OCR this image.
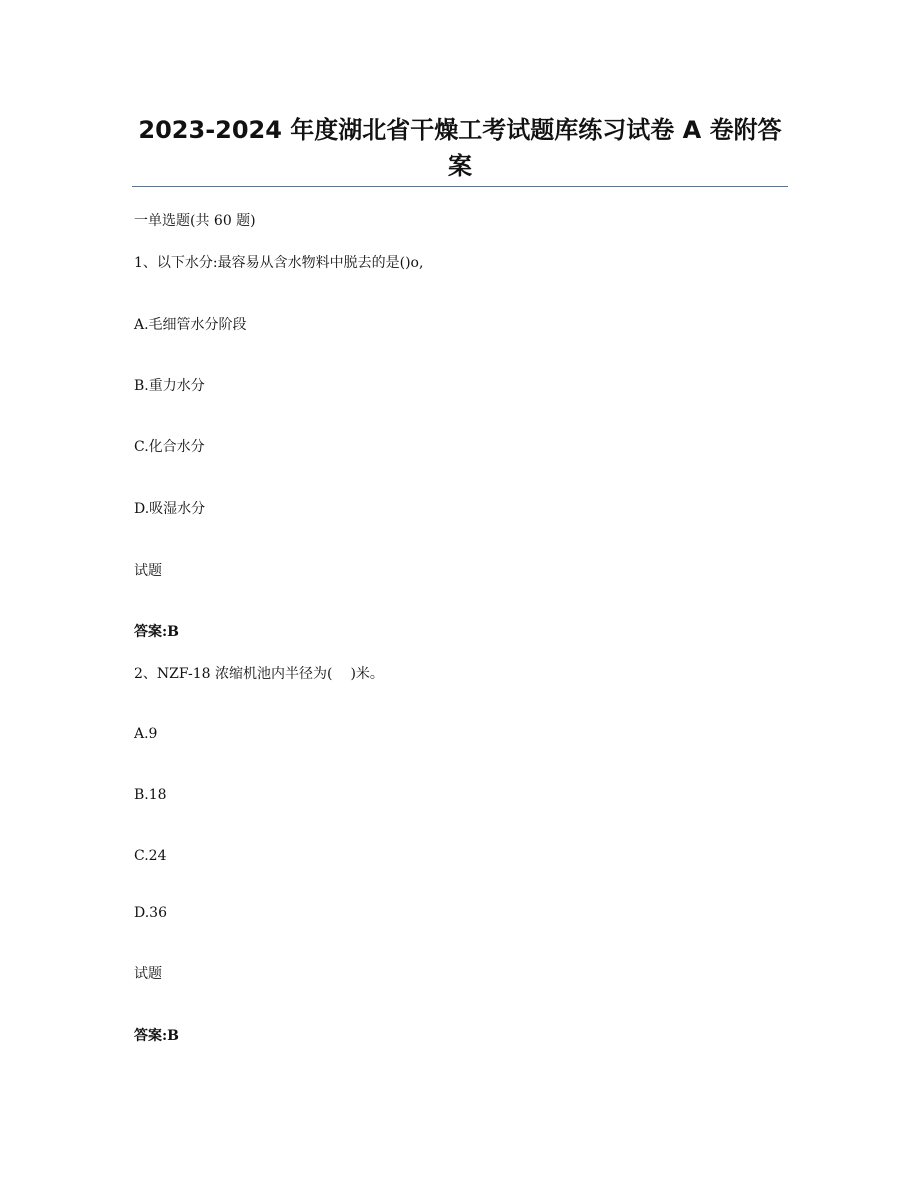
2023-2024 年度湖北省干燥工考试题库练习试卷 A 卷附答
案
一单选题(共 60 题)
1、以下水分:最容易从含水物料中脱去的是()o,
A.毛细管水分阶段
B.重力水分
C.化合水分
D.吸湿水分
试题
答案:B
2、NZF-18 浓缩机池内半径为( )米。
A.9
B.18
C.24
D.36
试题
答案:B
